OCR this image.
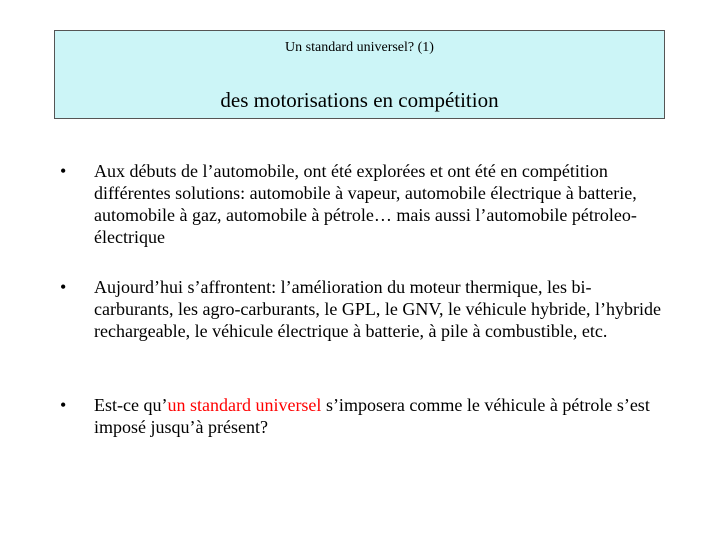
Un standard universel? (1)
des motorisations en compétition
•	Aux débuts de l’automobile, ont été explorées et ont été en compétition différentes solutions: automobile à vapeur, automobile électrique à batterie, automobile à gaz, automobile à pétrole… mais aussi l’automobile pétroleo-électrique
•	Aujourd’hui s’affrontent: l’amélioration du moteur thermique, les bi-carburants, les agro-carburants, le GPL, le GNV, le véhicule hybride, l’hybride rechargeable, le véhicule électrique à batterie, à pile à combustible, etc.
•	Est-ce qu’un standard universel s’imposera comme le véhicule à pétrole s’est imposé jusqu’à présent?
